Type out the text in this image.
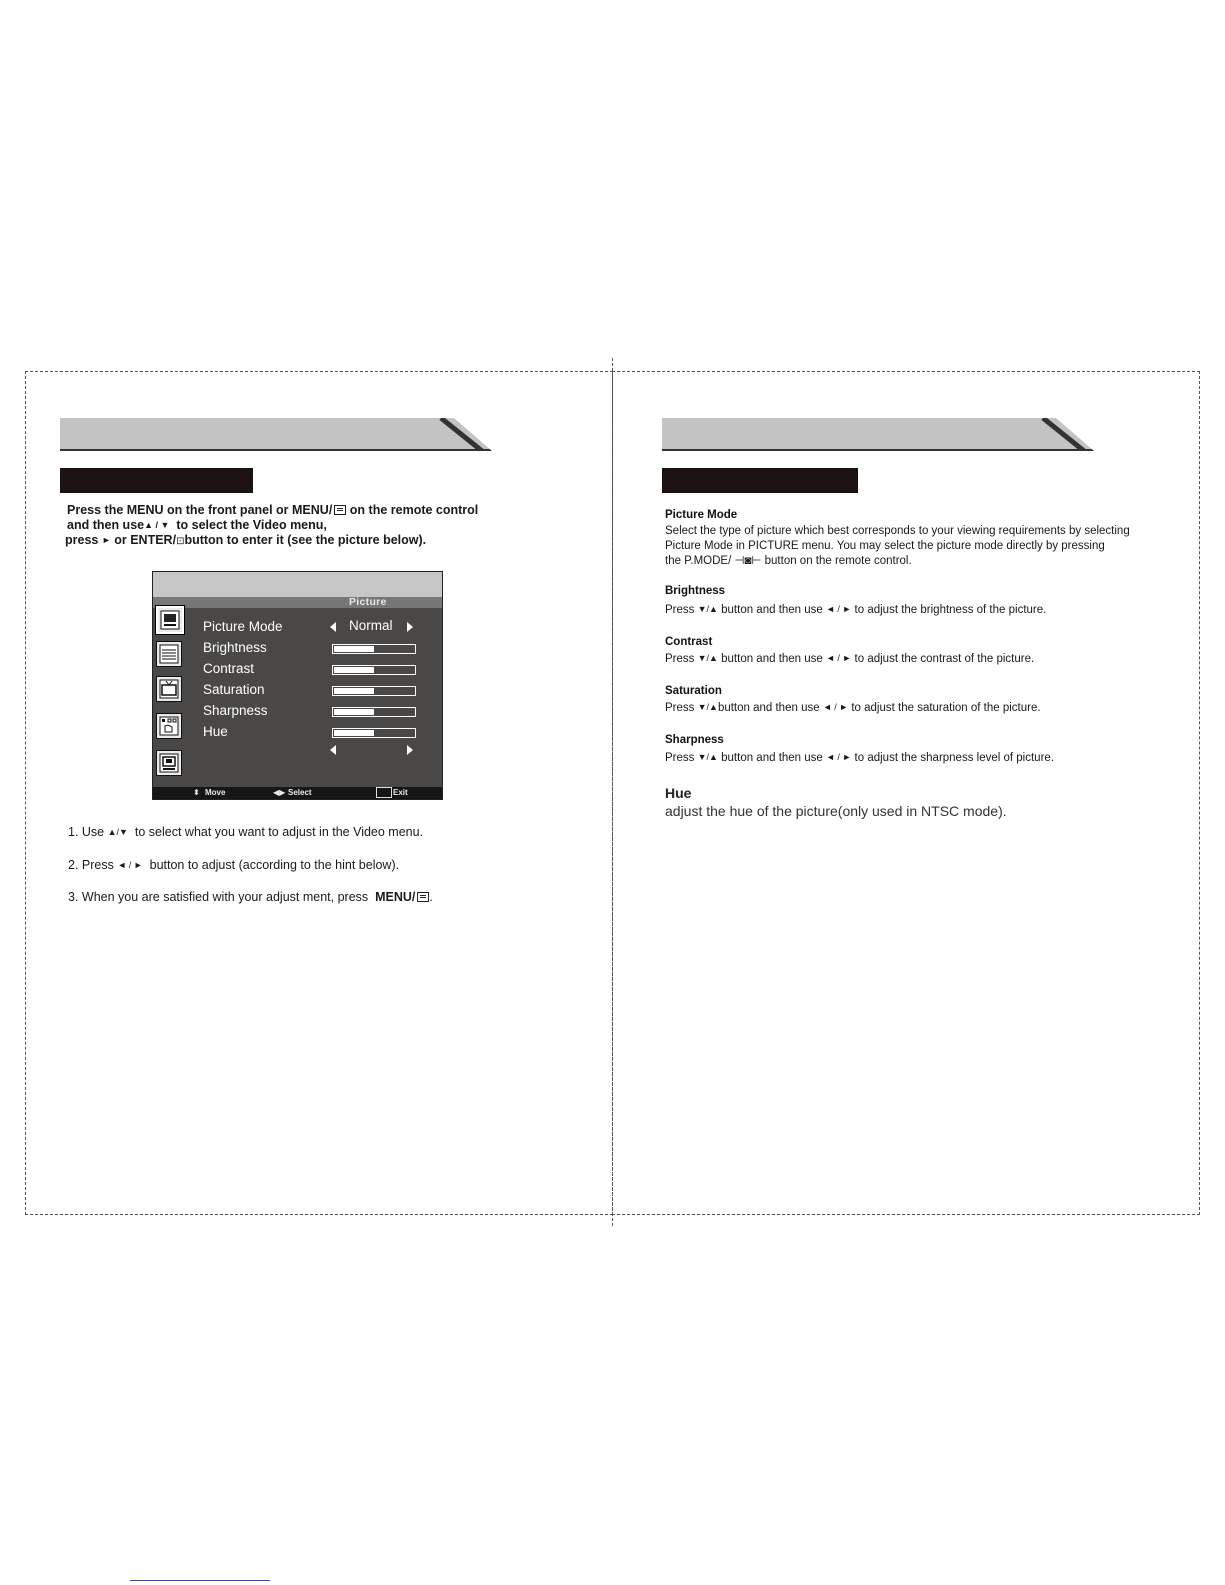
Press the MENU on the front panel or MENU/ on the remote control
and then use▲ / ▼ to select the Video menu,
press ► or ENTER/⊡button to enter it (see the picture below).
Picture
Picture Mode	Normal
Brightness
Contrast
Saturation
Sharpness
Hue
⬍ Move	◀▶ Select	Exit
1. Use ▲/▼ to select what you want to adjust in the Video menu.
2. Press ◄ / ► button to adjust (according to the hint below).
3. When you are satisfied with your adjust ment, press MENU/ .
Picture Mode
Select the type of picture which best corresponds to your viewing requirements by selecting
Picture Mode in PICTURE menu. You may select the picture mode directly by pressing
the P.MODE/ ⊣◙⊢ button on the remote control.
Brightness
Press ▼/▲ button and then use ◄ / ► to adjust the brightness of the picture.
Contrast
Press ▼/▲ button and then use ◄ / ► to adjust the contrast of the picture.
Saturation
Press ▼/▲button and then use ◄ / ► to adjust the saturation of the picture.
Sharpness
Press ▼/▲ button and then use ◄ / ► to adjust the sharpness level of picture.
Hue
adjust the hue of the picture(only used in NTSC mode).
